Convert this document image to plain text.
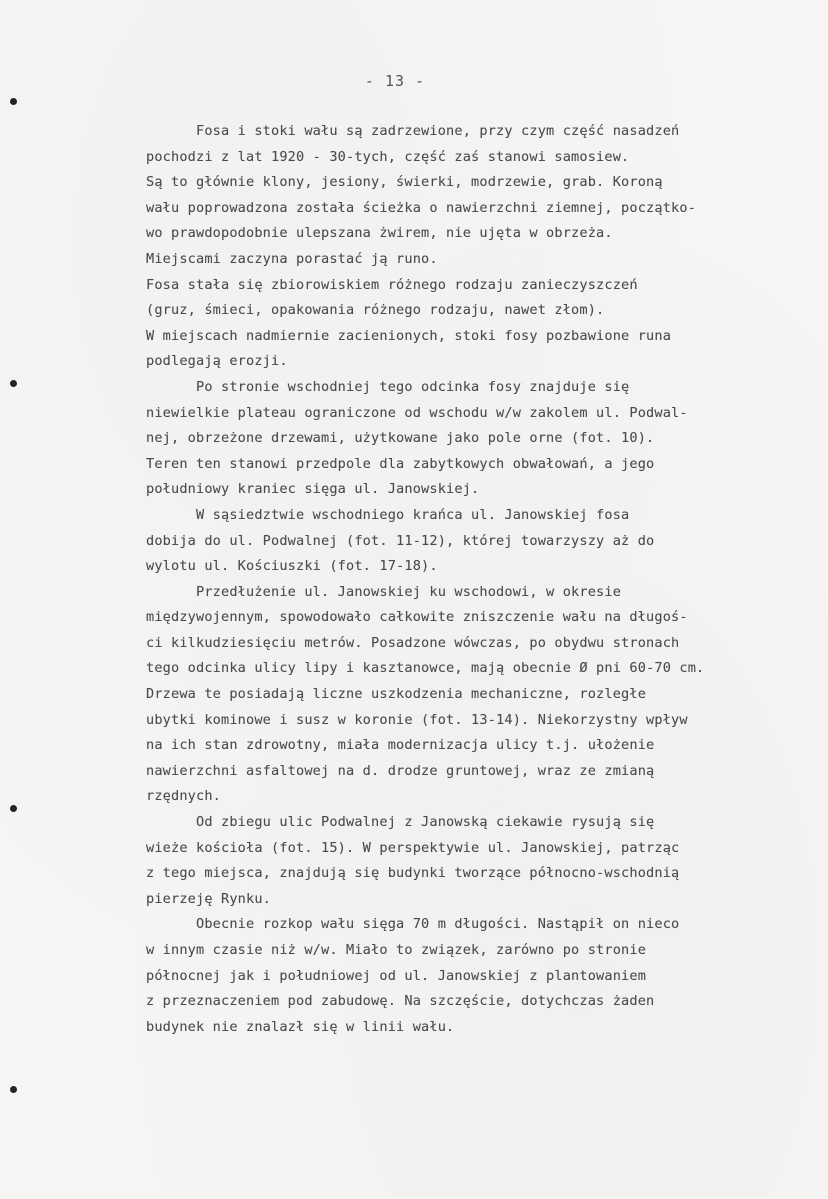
- 13 -
Fosa i stoki wału są zadrzewione, przy czym część nasadzeń
pochodzi z lat 1920 - 30-tych, część zaś stanowi samosiew.
Są to głównie klony, jesiony, świerki, modrzewie, grab. Koroną
wału poprowadzona została ścieżka o nawierzchni ziemnej, początko-
wo prawdopodobnie ulepszana żwirem, nie ujęta w obrzeża.
Miejscami zaczyna porastać ją runo.
Fosa stała się zbiorowiskiem różnego rodzaju zanieczyszczeń
(gruz, śmieci, opakowania różnego rodzaju, nawet złom).
W miejscach nadmiernie zacienionych, stoki fosy pozbawione runa
podlegają erozji.
Po stronie wschodniej tego odcinka fosy znajduje się
niewielkie plateau ograniczone od wschodu w/w zakolem ul. Podwal-
nej, obrzeżone drzewami, użytkowane jako pole orne (fot. 10).
Teren ten stanowi przedpole dla zabytkowych obwałowań, a jego
południowy kraniec sięga ul. Janowskiej.
W sąsiedztwie wschodniego krańca ul. Janowskiej fosa
dobija do ul. Podwalnej (fot. 11-12), której towarzyszy aż do
wylotu ul. Kościuszki (fot. 17-18).
Przedłużenie ul. Janowskiej ku wschodowi, w okresie
międzywojennym, spowodowało całkowite zniszczenie wału na długoś-
ci kilkudziesięciu metrów. Posadzone wówczas, po obydwu stronach
tego odcinka ulicy lipy i kasztanowce, mają obecnie Ø pni 60-70 cm.
Drzewa te posiadają liczne uszkodzenia mechaniczne, rozległe
ubytki kominowe i susz w koronie (fot. 13-14). Niekorzystny wpływ
na ich stan zdrowotny, miała modernizacja ulicy t.j. ułożenie
nawierzchni asfaltowej na d. drodze gruntowej, wraz ze zmianą
rzędnych.
Od zbiegu ulic Podwalnej z Janowską ciekawie rysują się
wieże kościoła (fot. 15). W perspektywie ul. Janowskiej, patrząc
z tego miejsca, znajdują się budynki tworzące północno-wschodnią
pierzeję Rynku.
Obecnie rozkop wału sięga 70 m długości. Nastąpił on nieco
w innym czasie niż w/w. Miało to związek, zarówno po stronie
północnej jak i południowej od ul. Janowskiej z plantowaniem
z przeznaczeniem pod zabudowę. Na szczęście, dotychczas żaden
budynek nie znalazł się w linii wału.
